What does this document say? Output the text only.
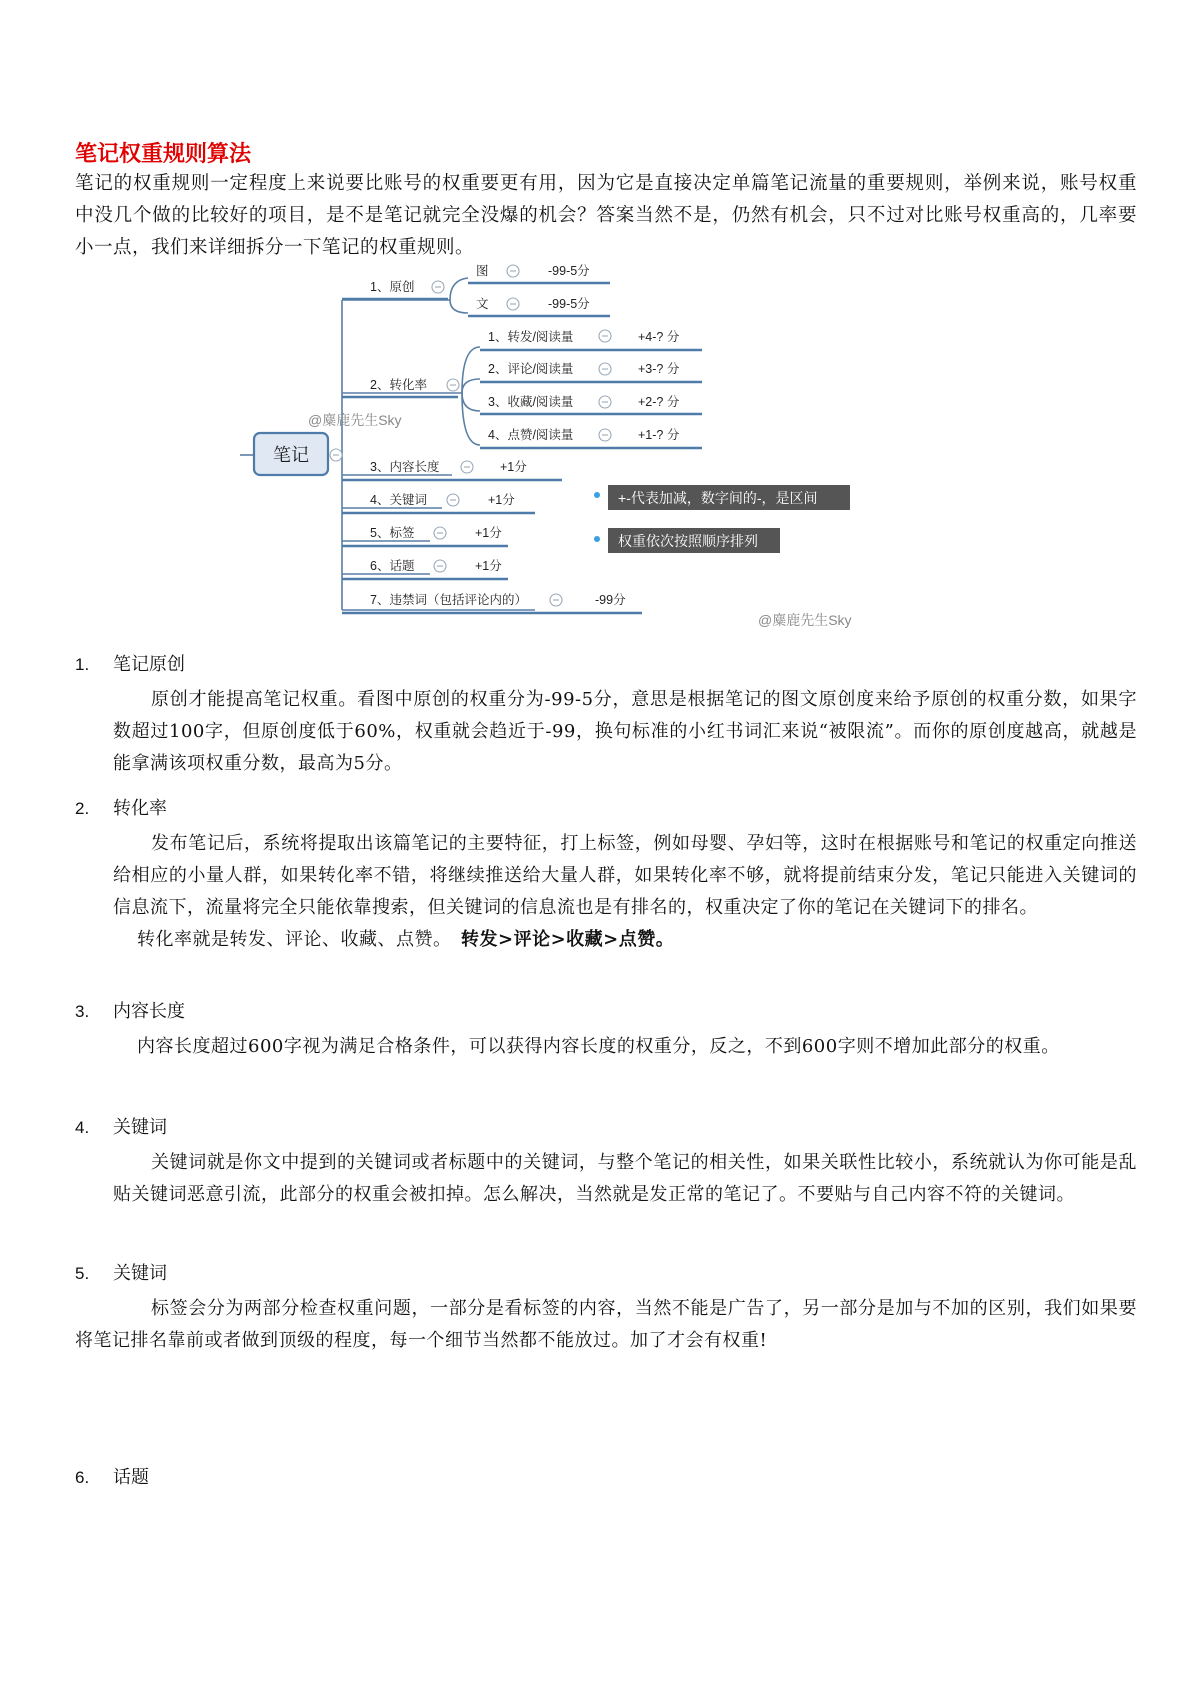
笔记权重规则算法
笔记的权重规则一定程度上来说要比账号的权重要更有用，因为它是直接决定单篇笔记流量的重要规则，举例来说，账号权重中没几个做的比较好的项目，是不是笔记就完全没爆的机会？答案当然不是，仍然有机会，只不过对比账号权重高的，几率要小一点，我们来详细拆分一下笔记的权重规则。
笔记
1、原创
图	-99-5分
文	-99-5分
2、转化率
1、转发/阅读量	+4-? 分
2、评论/阅读量	+3-? 分
3、收藏/阅读量	+2-? 分
4、点赞/阅读量	+1-? 分
@麋鹿先生Sky
3、内容长度	+1分
4、关键词	+1分
5、标签	+1分
6、话题	+1分
7、违禁词（包括评论内的）	-99分
+-代表加减，数字间的-，是区间
权重依次按照顺序排列
@麋鹿先生Sky
1. 笔记原创
原创才能提高笔记权重。看图中原创的权重分为-99-5分，意思是根据笔记的图文原创度来给予原创的权重分数，如果字数超过100字，但原创度低于60%，权重就会趋近于-99，换句标准的小红书词汇来说“被限流”。而你的原创度越高，就越是能拿满该项权重分数，最高为5分。
2. 转化率
发布笔记后，系统将提取出该篇笔记的主要特征，打上标签，例如母婴、孕妇等，这时在根据账号和笔记的权重定向推送给相应的小量人群，如果转化率不错，将继续推送给大量人群，如果转化率不够，就将提前结束分发，笔记只能进入关键词的信息流下，流量将完全只能依靠搜索，但关键词的信息流也是有排名的，权重决定了你的笔记在关键词下的排名。
转化率就是转发、评论、收藏、点赞。　 转发>评论>收藏>点赞。
3. 内容长度
内容长度超过600字视为满足合格条件，可以获得内容长度的权重分，反之，不到600字则不增加此部分的权重。
4. 关键词
关键词就是你文中提到的关键词或者标题中的关键词，与整个笔记的相关性，如果关联性比较小，系统就认为你可能是乱贴关键词恶意引流，此部分的权重会被扣掉。怎么解决，当然就是发正常的笔记了。不要贴与自己内容不符的关键词。
5. 关键词
标签会分为两部分检查权重问题，一部分是看标签的内容，当然不能是广告了，另一部分是加与不加的区别，我们如果要将笔记排名靠前或者做到顶级的程度，每一个细节当然都不能放过。加了才会有权重!
6. 话题
